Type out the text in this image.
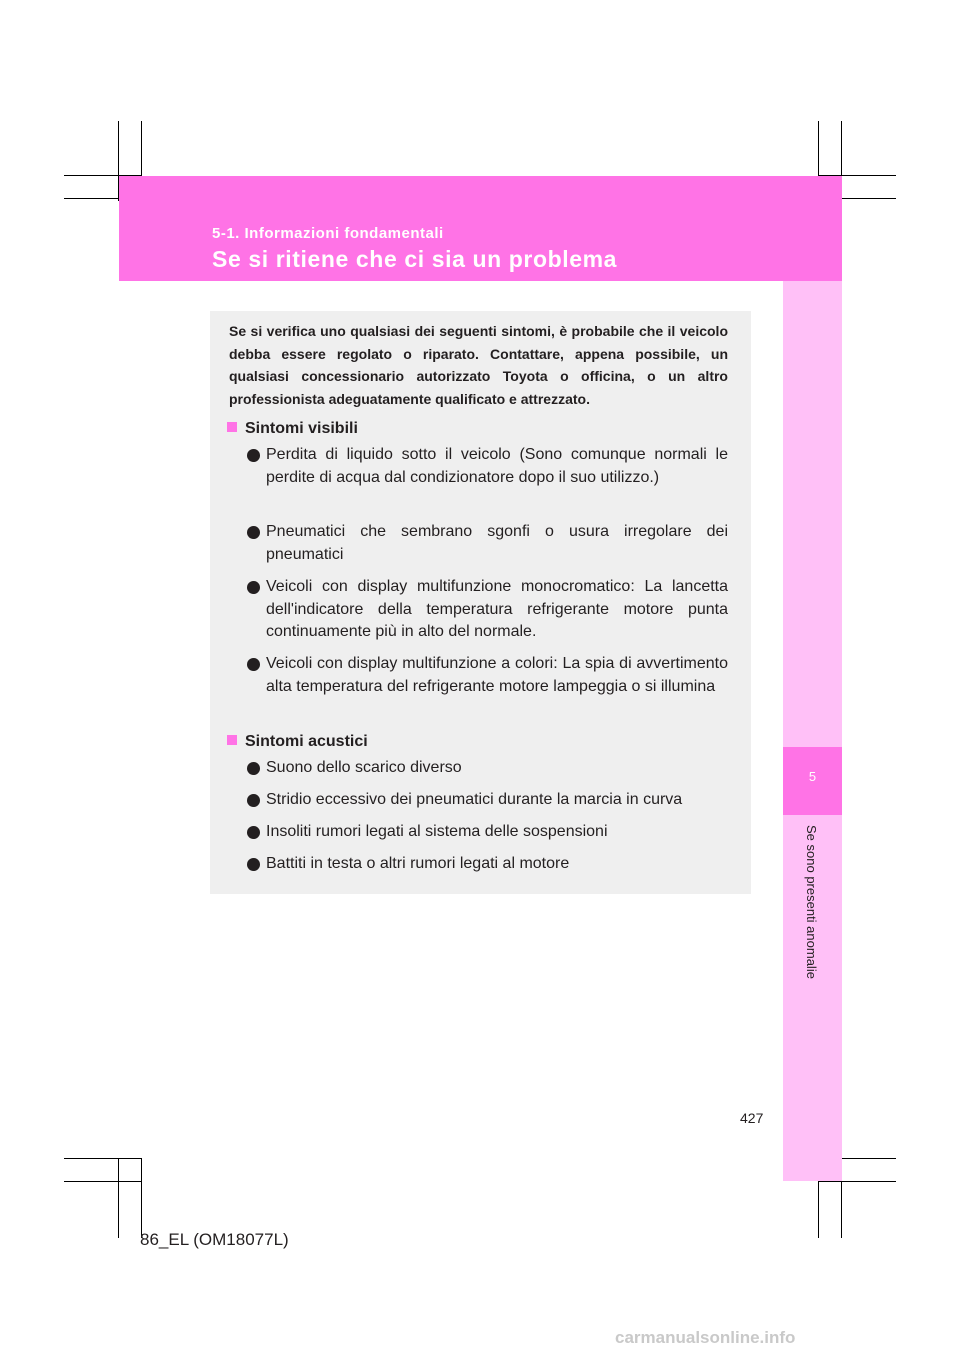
5-1. Informazioni fondamentali
Se si ritiene che ci sia un problema
5
Se sono presenti anomalie
Se si verifica uno qualsiasi dei seguenti sintomi, è probabile che il veicolo debba essere regolato o riparato. Contattare, appena possibile, un qualsiasi concessionario autorizzato Toyota o officina, o un altro professionista adeguatamente qualificato e attrezzato.
Sintomi visibili
Perdita di liquido sotto il veicolo (Sono comunque normali le perdite di acqua dal condizionatore dopo il suo utilizzo.)
Pneumatici che sembrano sgonfi o usura irregolare dei pneumatici
Veicoli con display multifunzione monocromatico: La lancetta dell'indicatore della temperatura refrigerante motore punta continuamente più in alto del normale.
Veicoli con display multifunzione a colori: La spia di avvertimento alta temperatura del refrigerante motore lampeggia o si illumina
Sintomi acustici
Suono dello scarico diverso
Stridio eccessivo dei pneumatici durante la marcia in curva
Insoliti rumori legati al sistema delle sospensioni
Battiti in testa o altri rumori legati al motore
427
86_EL (OM18077L)
carmanualsonline.info
